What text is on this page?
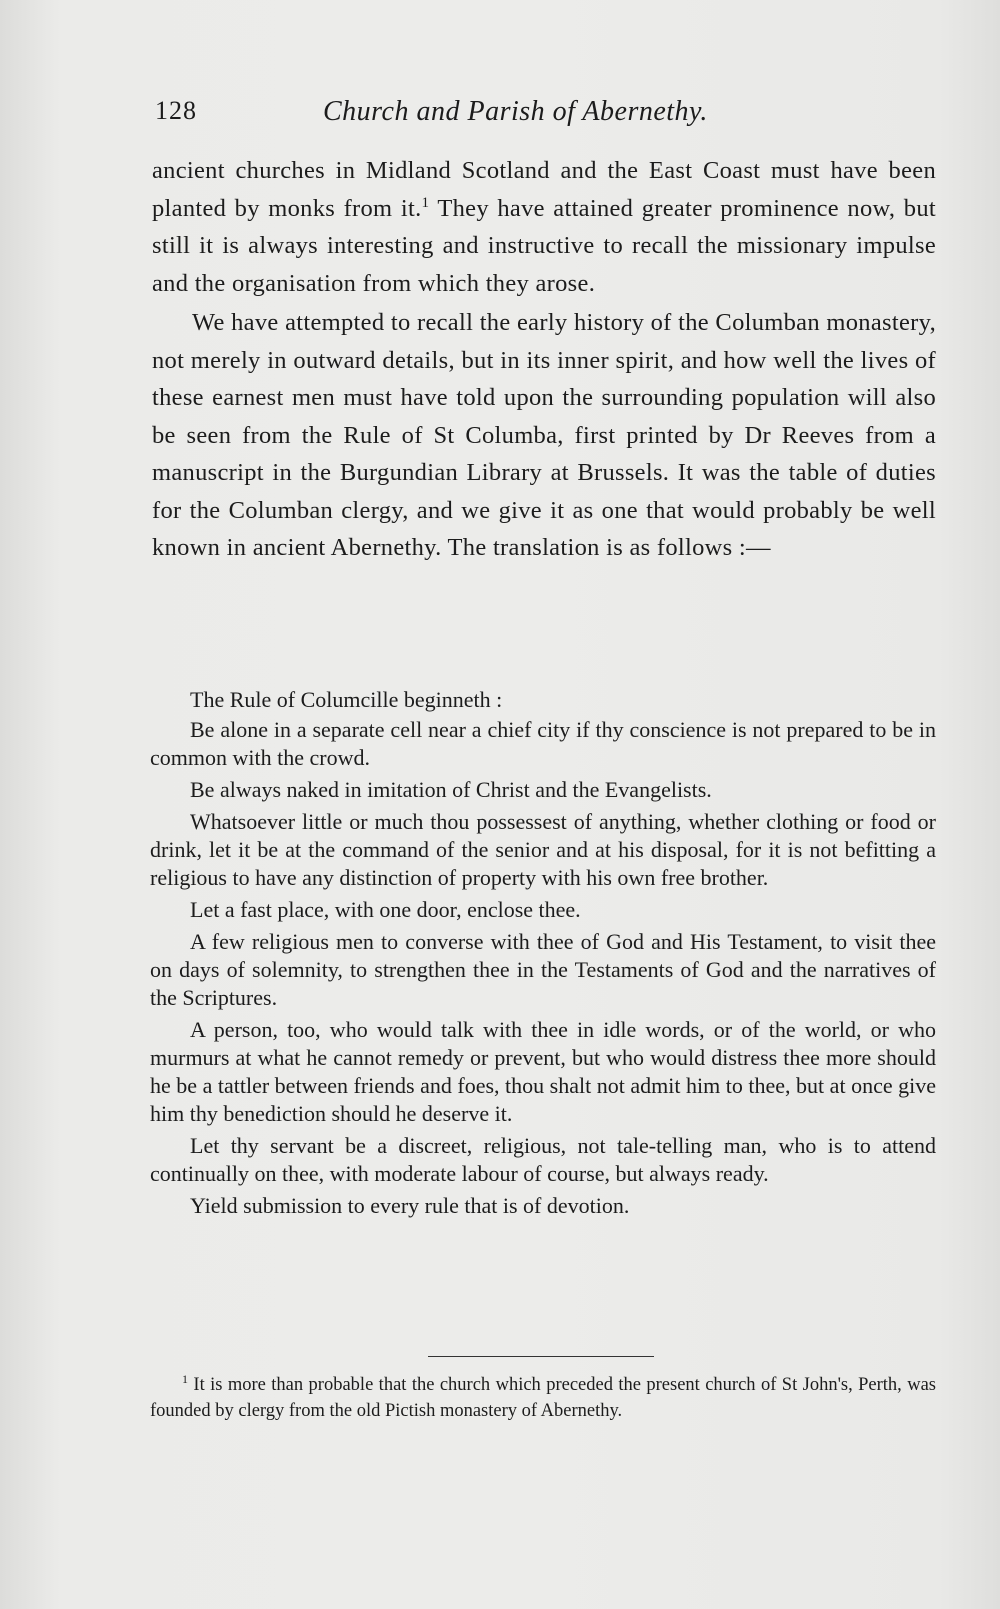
128	Church and Parish of Abernethy.

ancient churches in Midland Scotland and the East Coast must have been planted by monks from it.$^1$ They have attained greater prominence now, but still it is always interesting and instructive to recall the missionary impulse and the organisation from which they arose.

We have attempted to recall the early history of the Columban monastery, not merely in outward details, but in its inner spirit, and how well the lives of these earnest men must have told upon the surrounding population will also be seen from the Rule of St Columba, first printed by Dr Reeves from a manuscript in the Burgundian Library at Brussels. It was the table of duties for the Columban clergy, and we give it as one that would probably be well known in ancient Abernethy. The translation is as follows :—

The Rule of Columcille beginneth :

Be alone in a separate cell near a chief city if thy conscience is not prepared to be in common with the crowd.

Be always naked in imitation of Christ and the Evangelists.

Whatsoever little or much thou possessest of anything, whether clothing or food or drink, let it be at the command of the senior and at his disposal, for it is not befitting a religious to have any distinction of property with his own free brother.

Let a fast place, with one door, enclose thee.

A few religious men to converse with thee of God and His Testament, to visit thee on days of solemnity, to strengthen thee in the Testaments of God and the narratives of the Scriptures.

A person, too, who would talk with thee in idle words, or of the world, or who murmurs at what he cannot remedy or prevent, but who would distress thee more should he be a tattler between friends and foes, thou shalt not admit him to thee, but at once give him thy benediction should he deserve it.

Let thy servant be a discreet, religious, not tale-telling man, who is to attend continually on thee, with moderate labour of course, but always ready.

Yield submission to every rule that is of devotion.

$^1$ It is more than probable that the church which preceded the present church of St John's, Perth, was founded by clergy from the old Pictish monastery of Abernethy.
